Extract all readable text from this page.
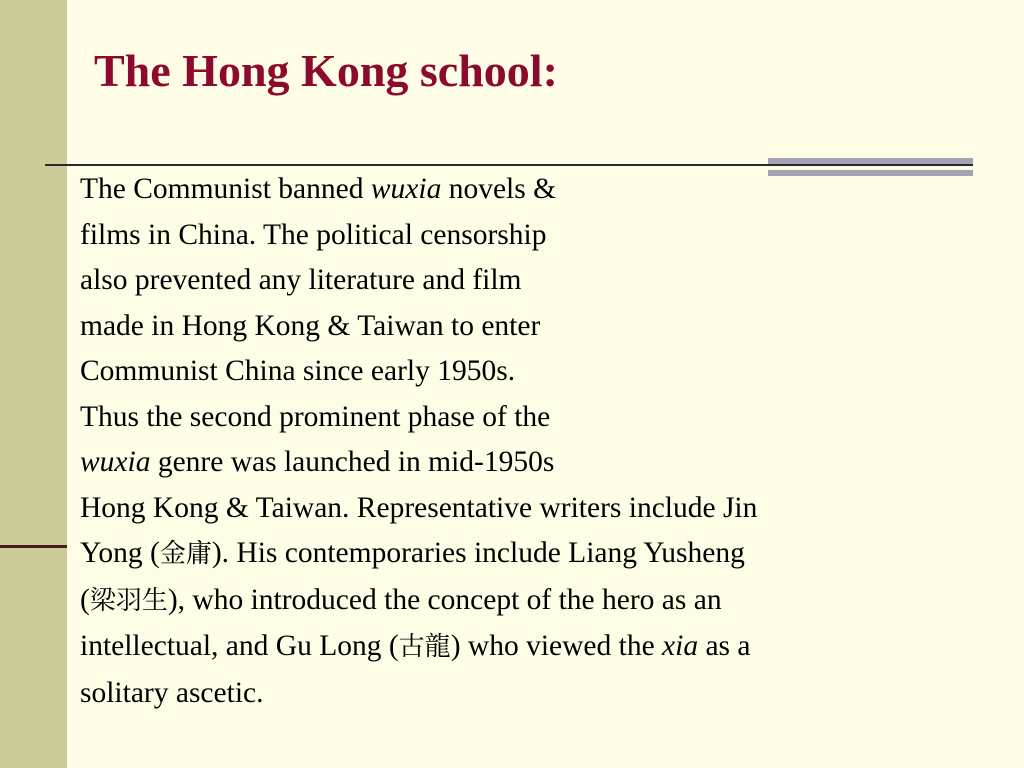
The Hong Kong school:
The Communist banned wuxia novels &
films in China. The political censorship
also prevented any literature and film
made in Hong Kong & Taiwan to enter
Communist China since early 1950s.
Thus the second prominent phase of the
wuxia genre was launched in mid-1950s
Hong Kong & Taiwan. Representative writers include Jin
Yong (金庸). His contemporaries include Liang Yusheng
(梁羽生), who introduced the concept of the hero as an
intellectual, and Gu Long (古龍) who viewed the xia as a
solitary ascetic.
